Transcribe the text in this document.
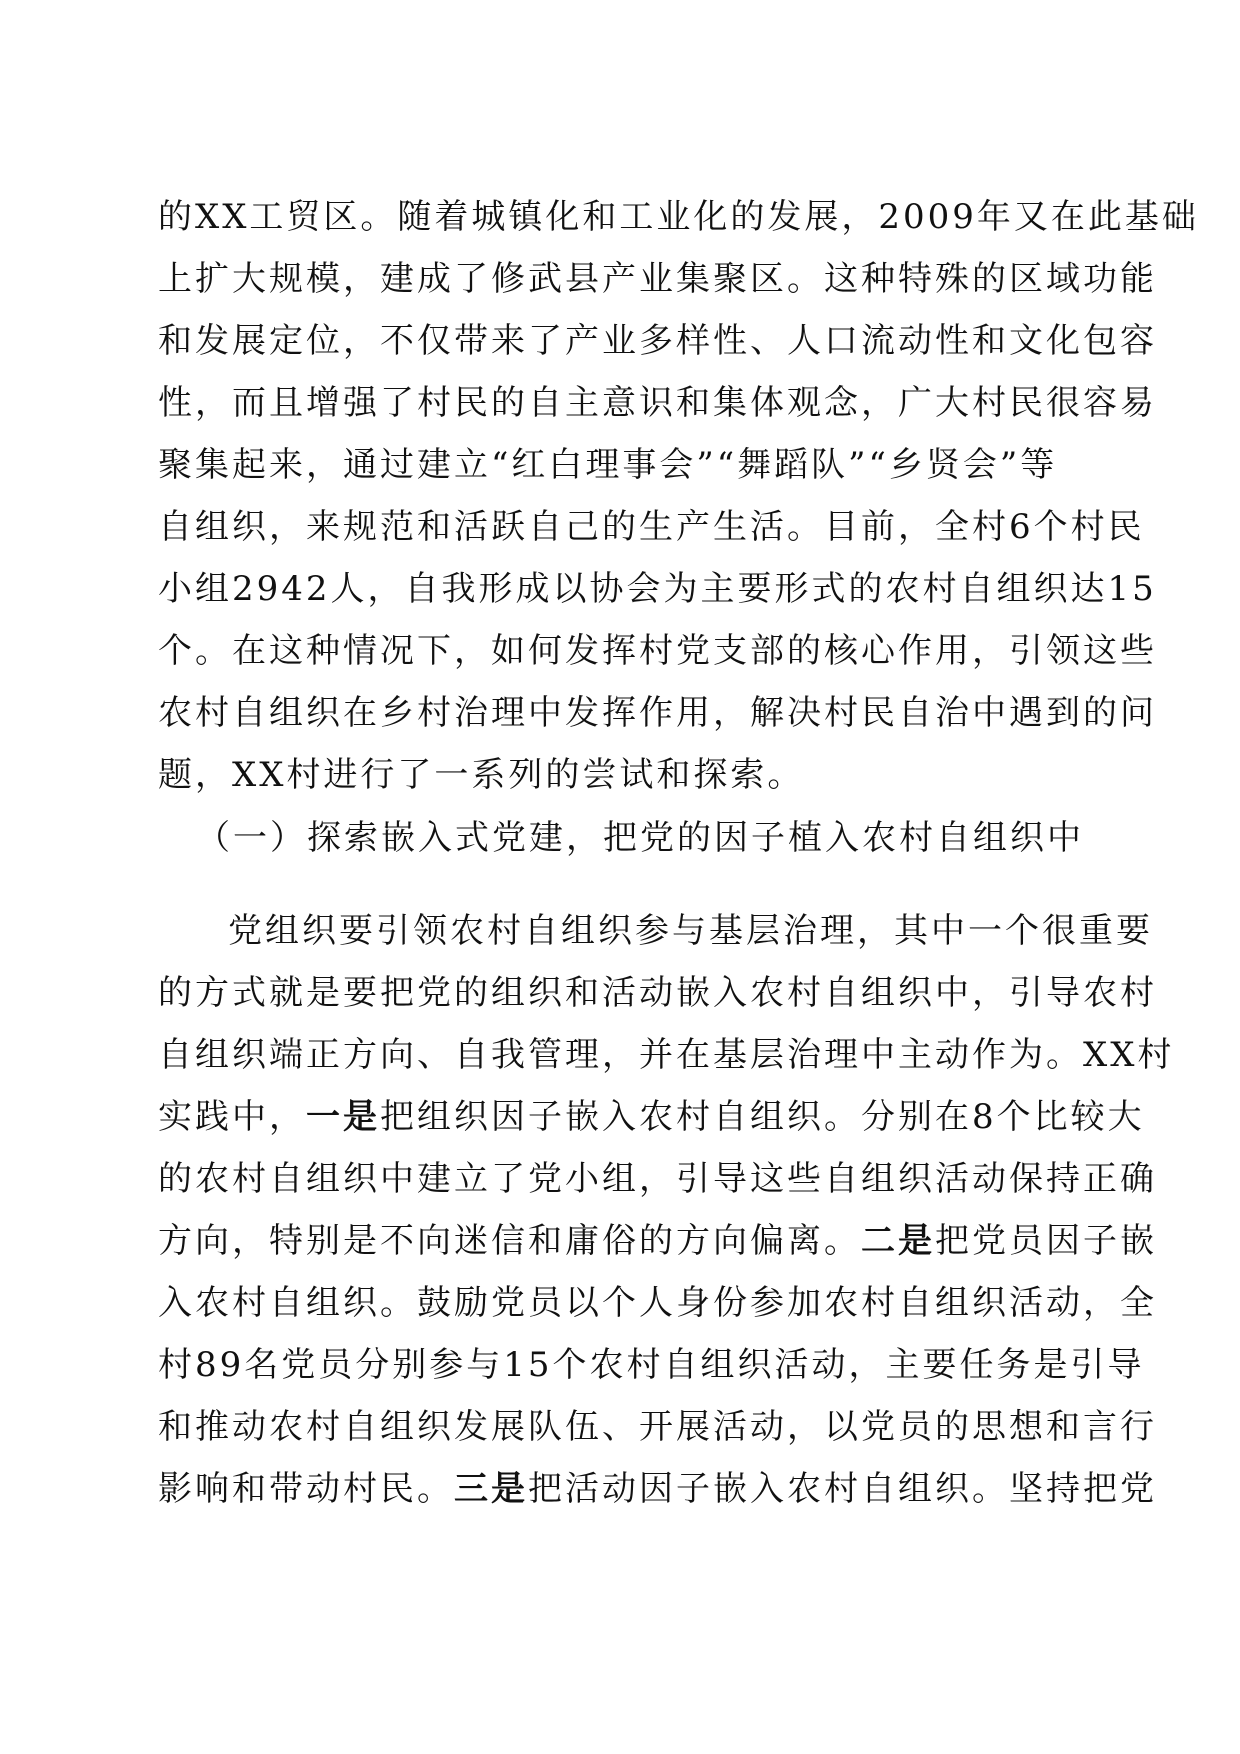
的XX工贸区。随着城镇化和工业化的发展，2009年又在此基础
上扩大规模，建成了修武县产业集聚区。这种特殊的区域功能
和发展定位，不仅带来了产业多样性、人口流动性和文化包容
性，而且增强了村民的自主意识和集体观念，广大村民很容易
聚集起来，通过建立“红白理事会”“舞蹈队”“乡贤会”等
自组织，来规范和活跃自己的生产生活。目前，全村6个村民
小组2942人，自我形成以协会为主要形式的农村自组织达15
个。在这种情况下，如何发挥村党支部的核心作用，引领这些
农村自组织在乡村治理中发挥作用，解决村民自治中遇到的问
题，XX村进行了一系列的尝试和探索。
（一）探索嵌入式党建，把党的因子植入农村自组织中
党组织要引领农村自组织参与基层治理，其中一个很重要
的方式就是要把党的组织和活动嵌入农村自组织中，引导农村
自组织端正方向、自我管理，并在基层治理中主动作为。XX村
实践中，一是把组织因子嵌入农村自组织。分别在8个比较大
的农村自组织中建立了党小组，引导这些自组织活动保持正确
方向，特别是不向迷信和庸俗的方向偏离。二是把党员因子嵌
入农村自组织。鼓励党员以个人身份参加农村自组织活动，全
村89名党员分别参与15个农村自组织活动，主要任务是引导
和推动农村自组织发展队伍、开展活动，以党员的思想和言行
影响和带动村民。三是把活动因子嵌入农村自组织。坚持把党
